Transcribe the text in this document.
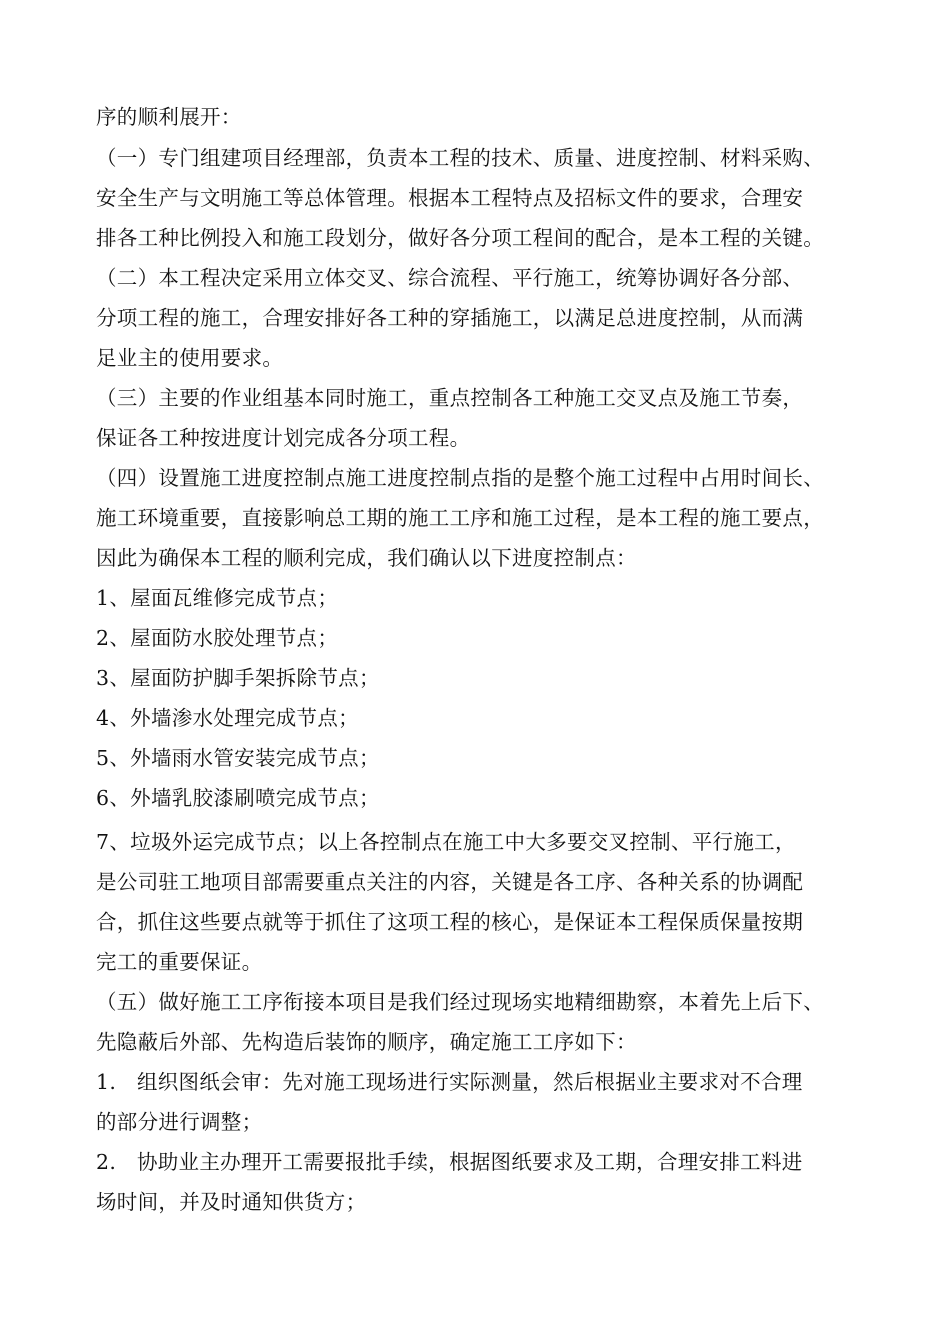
序的顺利展开：
（一）专门组建项目经理部，负责本工程的技术、质量、进度控制、材料采购、
安全生产与文明施工等总体管理。根据本工程特点及招标文件的要求，合理安
排各工种比例投入和施工段划分，做好各分项工程间的配合，是本工程的关键。
（二）本工程决定采用立体交叉、综合流程、平行施工，统筹协调好各分部、
分项工程的施工，合理安排好各工种的穿插施工，以满足总进度控制，从而满
足业主的使用要求。
（三）主要的作业组基本同时施工，重点控制各工种施工交叉点及施工节奏，
保证各工种按进度计划完成各分项工程。
（四）设置施工进度控制点施工进度控制点指的是整个施工过程中占用时间长、
施工环境重要，直接影响总工期的施工工序和施工过程，是本工程的施工要点，
因此为确保本工程的顺利完成，我们确认以下进度控制点：
1、屋面瓦维修完成节点；
2、屋面防水胶处理节点；
3、屋面防护脚手架拆除节点；
4、外墙渗水处理完成节点；
5、外墙雨水管安装完成节点；
6、外墙乳胶漆刷喷完成节点；
7、垃圾外运完成节点；以上各控制点在施工中大多要交叉控制、平行施工，
是公司驻工地项目部需要重点关注的内容，关键是各工序、各种关系的协调配
合，抓住这些要点就等于抓住了这项工程的核心，是保证本工程保质保量按期
完工的重要保证。
（五）做好施工工序衔接本项目是我们经过现场实地精细勘察，本着先上后下、
先隐蔽后外部、先构造后装饰的顺序，确定施工工序如下：
1.　组织图纸会审：先对施工现场进行实际测量，然后根据业主要求对不合理
的部分进行调整；
2.　协助业主办理开工需要报批手续，根据图纸要求及工期，合理安排工料进
场时间，并及时通知供货方；
